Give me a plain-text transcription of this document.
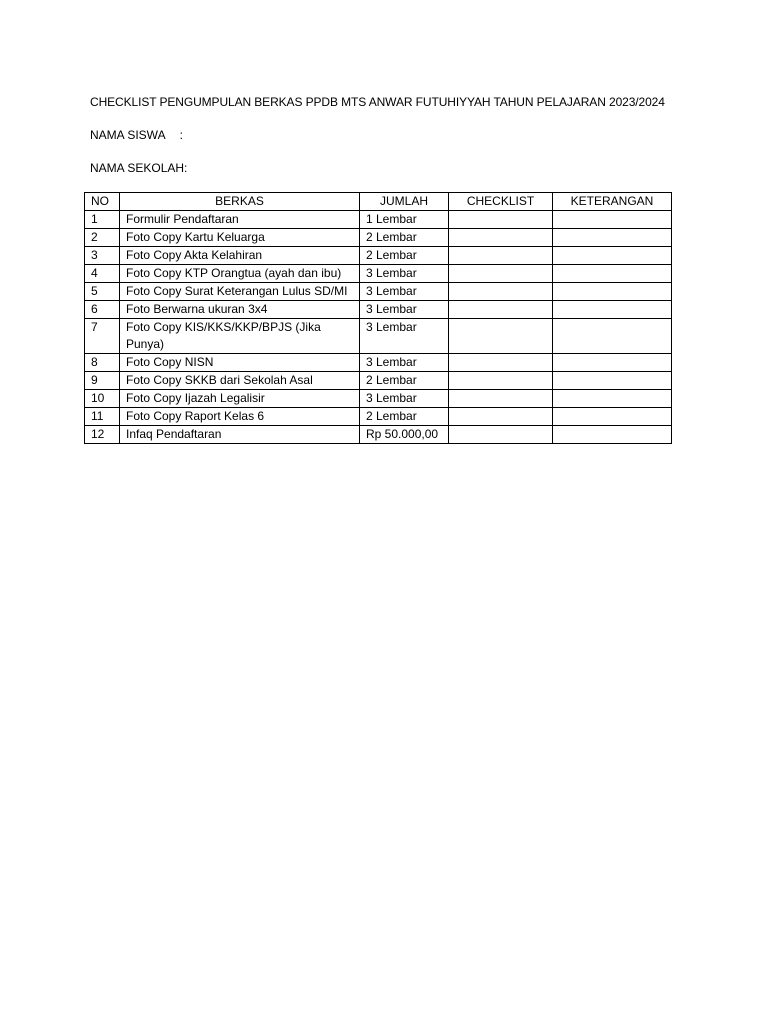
CHECKLIST PENGUMPULAN BERKAS PPDB MTS ANWAR FUTUHIYYAH TAHUN PELAJARAN 2023/2024
NAMA SISWA :
NAMA SEKOLAH:
NO	BERKAS	JUMLAH	CHECKLIST	KETERANGAN
1	Formulir Pendaftaran	1 Lembar		
2	Foto Copy Kartu Keluarga	2 Lembar		
3	Foto Copy Akta Kelahiran	2 Lembar		
4	Foto Copy KTP Orangtua (ayah dan ibu)	3 Lembar		
5	Foto Copy Surat Keterangan Lulus SD/MI	3 Lembar		
6	Foto Berwarna ukuran 3x4	3 Lembar		
7	Foto Copy KIS/KKS/KKP/BPJS (Jika Punya)	3 Lembar		
8	Foto Copy NISN	3 Lembar		
9	Foto Copy SKKB dari Sekolah Asal	2 Lembar		
10	Foto Copy Ijazah Legalisir	3 Lembar		
11	Foto Copy Raport Kelas 6	2 Lembar		
12	Infaq Pendaftaran	Rp 50.000,00		
